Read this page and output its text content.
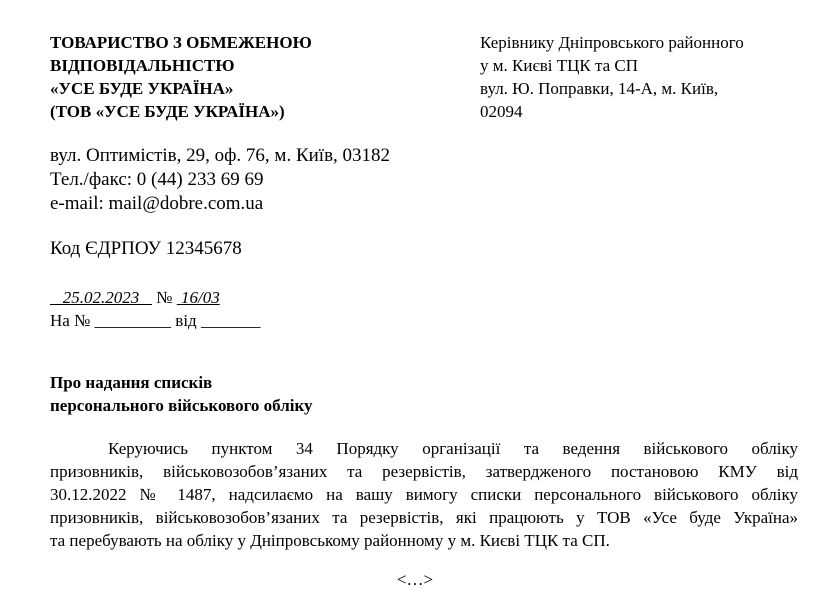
ТОВАРИСТВО З ОБМЕЖЕНОЮ
ВІДПОВІДАЛЬНІСТЮ
«УСЕ БУДЕ УКРАЇНА»
(ТОВ «УСЕ БУДЕ УКРАЇНА»)
Керівнику Дніпровського районного
у м. Києві ТЦК та СП
вул. Ю. Поправки, 14-А, м. Київ,
02094
вул. Оптимістів, 29, оф. 76, м. Київ, 03182
Тел./факс: 0 (44) 233 69 69
e-mail: mail@dobre.com.ua
Код ЄДРПОУ 12345678
25.02.2023    №  16/03
На № _________ від _______
Про надання списків
персонального військового обліку
Керуючись пунктом 34 Порядку організації та ведення військового обліку
призовників, військовозобов’язаних та резервістів, затвердженого постановою КМУ від
30.12.2022 № 1487, надсилаємо на вашу вимогу списки персонального військового обліку
призовників, військовозобов’язаних та резервістів, які працюють у ТОВ «Усе буде Україна»
та перебувають на обліку у Дніпровському районному у м. Києві ТЦК та СП.
<…>
